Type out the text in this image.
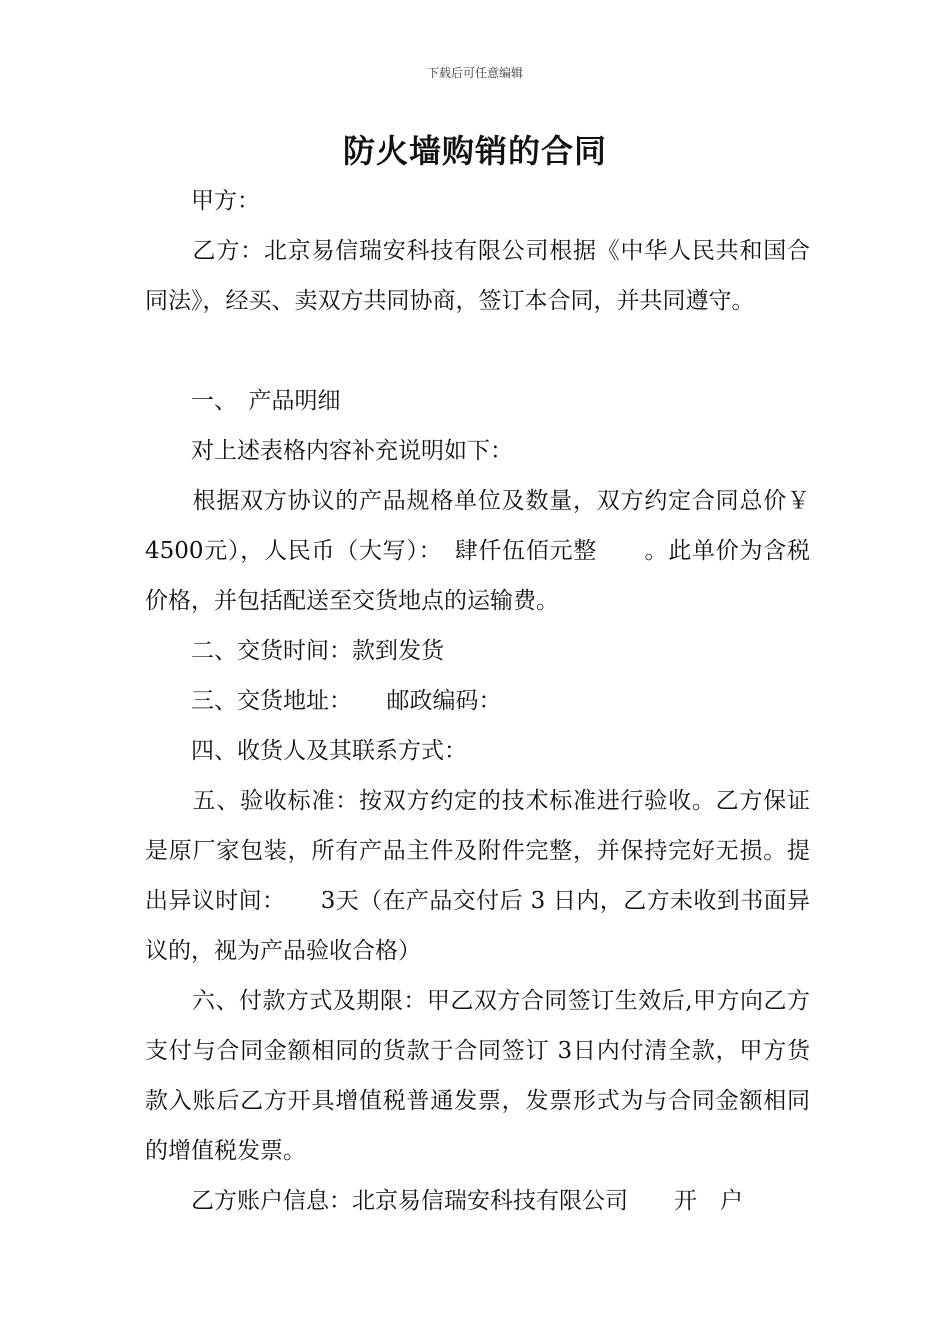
下载后可任意编辑
防火墙购销的合同

　　甲方：

　　乙方：北京易信瑞安科技有限公司根据《中华人民共和国合同法》，经买、卖双方共同协商，签订本合同，并共同遵守。

　　一、　产品明细

　　对上述表格内容补充说明如下：

　　根据双方协议的产品规格单位及数量，双方约定合同总价￥ 4500元），人民币（大写）：　肆仟伍佰元整　　。此单价为含税价格，并包括配送至交货地点的运输费。

　　二、交货时间：款到发货

　　三、交货地址：　　邮政编码：

　　四、收货人及其联系方式：

　　五、验收标准：按双方约定的技术标准进行验收。乙方保证是原厂家包装，所有产品主件及附件完整，并保持完好无损。提出异议时间：　　3天（在产品交付后 3 日内，乙方未收到书面异议的，视为产品验收合格）

　　六、付款方式及期限：甲乙双方合同签订生效后,甲方向乙方支付与合同金额相同的货款于合同签订 3日内付清全款，甲方货款入账后乙方开具增值税普通发票，发票形式为与合同金额相同的增值税发票。

　　乙方账户信息：北京易信瑞安科技有限公司　　开　户
